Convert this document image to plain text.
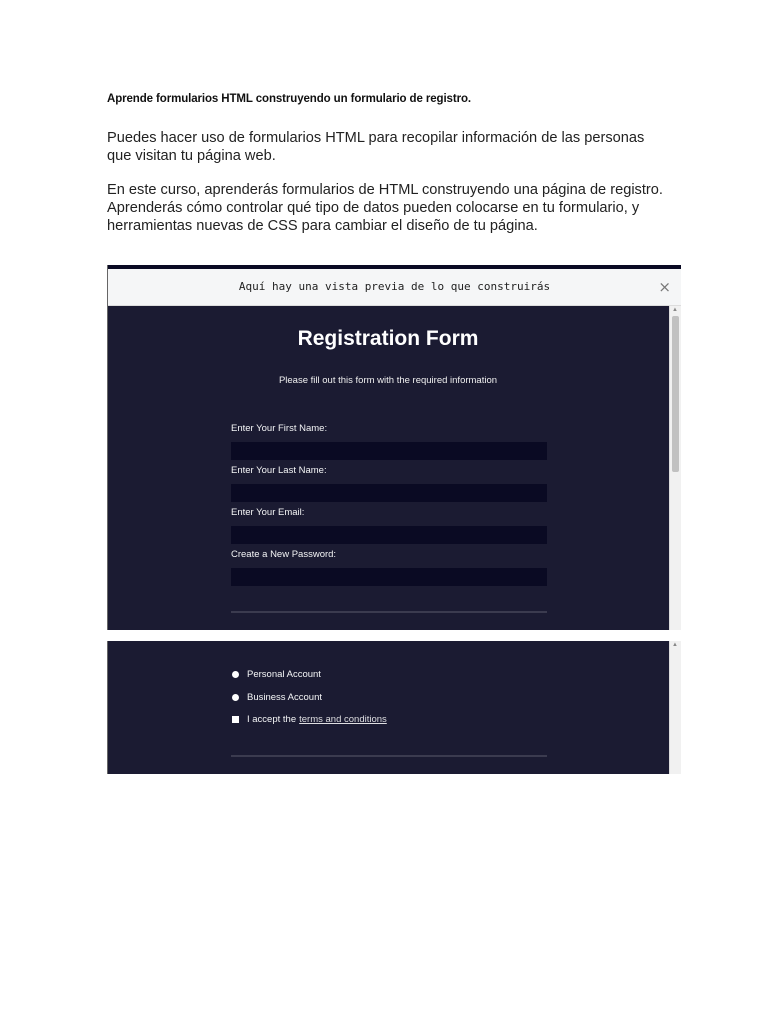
Aprende formularios HTML construyendo un formulario de registro.

Puedes hacer uso de formularios HTML para recopilar información de las personas que visitan tu página web.

En este curso, aprenderás formularios de HTML construyendo una página de registro. Aprenderás cómo controlar qué tipo de datos pueden colocarse en tu formulario, y herramientas nuevas de CSS para cambiar el diseño de tu página.

Aquí hay una vista previa de lo que construirás	×
Registration Form
Please fill out this form with the required information
Enter Your First Name:
Enter Your Last Name:
Enter Your Email:
Create a New Password:
▲
Personal Account
Business Account
I accept the terms and conditions
▲
